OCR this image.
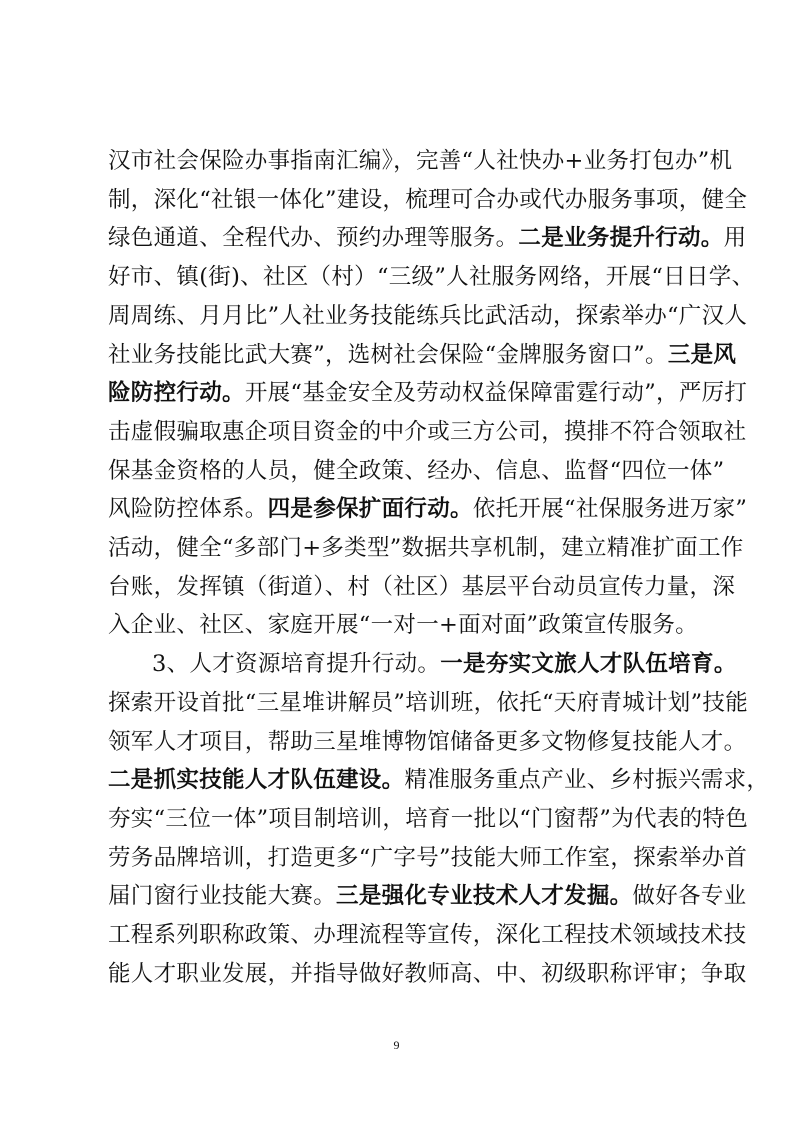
汉市社会保险办事指南汇编》，完善“人社快办+业务打包办”机
制，深化“社银一体化”建设，梳理可合办或代办服务事项，健全
绿色通道、全程代办、预约办理等服务。二是业务提升行动。用
好市、镇(街)、社区（村）“三级”人社服务网络，开展“日日学、
周周练、月月比”人社业务技能练兵比武活动，探索举办“广汉人
社业务技能比武大赛”，选树社会保险“金牌服务窗口”。三是风
险防控行动。开展“基金安全及劳动权益保障雷霆行动”，严厉打
击虚假骗取惠企项目资金的中介或三方公司，摸排不符合领取社
保基金资格的人员，健全政策、经办、信息、监督“四位一体”
风险防控体系。四是参保扩面行动。依托开展“社保服务进万家”
活动，健全“多部门+多类型”数据共享机制，建立精准扩面工作
台账，发挥镇（街道）、村（社区）基层平台动员宣传力量，深
入企业、社区、家庭开展“一对一+面对面”政策宣传服务。
3、人才资源培育提升行动。一是夯实文旅人才队伍培育。
探索开设首批“三星堆讲解员”培训班，依托“天府青城计划”技能
领军人才项目，帮助三星堆博物馆储备更多文物修复技能人才。
二是抓实技能人才队伍建设。精准服务重点产业、乡村振兴需求，
夯实“三位一体”项目制培训，培育一批以“门窗帮”为代表的特色
劳务品牌培训，打造更多“广字号”技能大师工作室，探索举办首
届门窗行业技能大赛。三是强化专业技术人才发掘。做好各专业
工程系列职称政策、办理流程等宣传，深化工程技术领域技术技
能人才职业发展，并指导做好教师高、中、初级职称评审；争取
9
